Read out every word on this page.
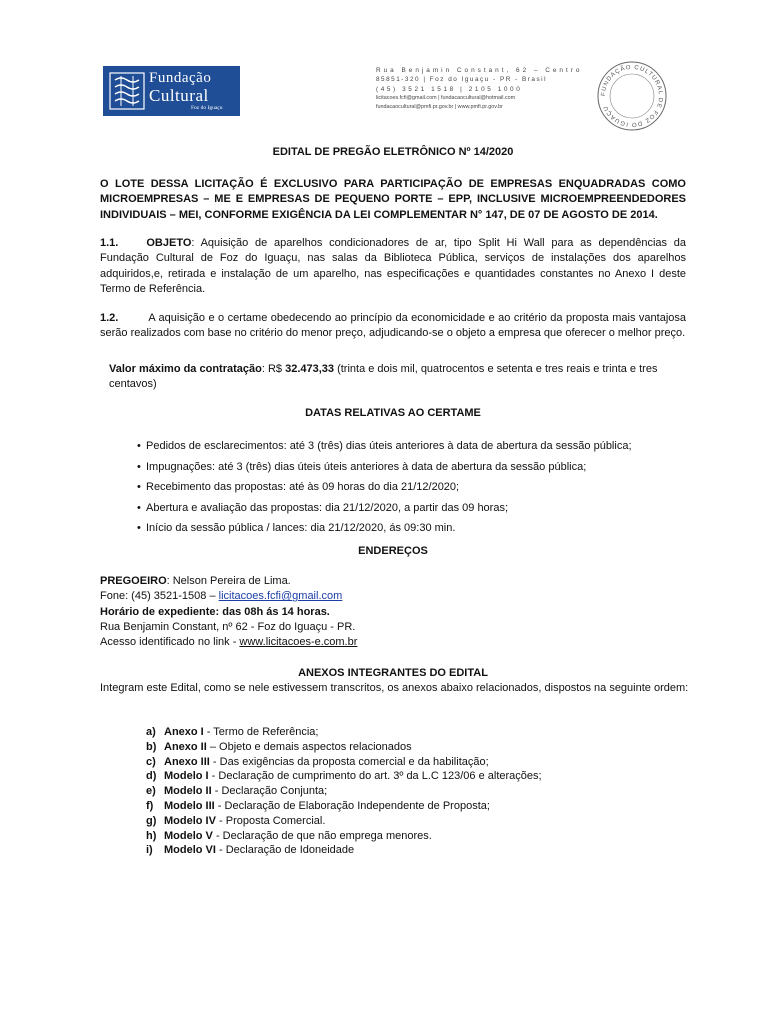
Fundação
Cultural
Foz do Iguaçu
Rua Benjamin Constant, 62 – Centro
85851-320 | Foz do Iguaçu - PR - Brasil
(45) 3521 1518 | 2105 1000
licitacoes.fcfi@gmail.com | fundacaocultural@hotmail.com
fundacaocultural@pmfi.pr.gov.br | www.pmfi.pr.gov.br
FUNDAÇÃO CULTURAL DE FOZ DO IGUAÇU
EDITAL DE PREGÃO ELETRÔNICO Nº 14/2020
O LOTE DESSA LICITAÇÃO É EXCLUSIVO PARA PARTICIPAÇÃO DE EMPRESAS ENQUADRADAS COMO MICROEMPRESAS – ME E EMPRESAS DE PEQUENO PORTE – EPP, INCLUSIVE MICROEMPREENDEDORES INDIVIDUAIS – MEI, CONFORME EXIGÊNCIA DA LEI COMPLEMENTAR N° 147, DE 07 DE AGOSTO DE 2014.
1.1.	OBJETO: Aquisição de aparelhos condicionadores de ar, tipo Split Hi Wall para as dependências da Fundação Cultural de Foz do Iguaçu, nas salas da Biblioteca Pública, serviços de instalações dos aparelhos adquiridos,e, retirada e instalação de um aparelho, nas especificações e quantidades constantes no Anexo I deste Termo de Referência.
1.2.	A aquisição e o certame obedecendo ao princípio da economicidade e ao critério da proposta mais vantajosa serão realizados com base no critério do menor preço, adjudicando-se o objeto a empresa que oferecer o melhor preço.
Valor máximo da contratação: R$ 32.473,33 (trinta e dois mil, quatrocentos e setenta e tres reais e trinta e tres centavos)
DATAS RELATIVAS AO CERTAME
• Pedidos de esclarecimentos: até 3 (três) dias úteis anteriores à data de abertura da sessão pública;
• Impugnações: até 3 (três) dias úteis úteis anteriores à data de abertura da sessão pública;
• Recebimento das propostas: até às 09 horas do dia 21/12/2020;
• Abertura e avaliação das propostas: dia 21/12/2020, a partir das 09 horas;
• Início da sessão pública / lances: dia 21/12/2020, ás 09:30 min.
ENDEREÇOS
PREGOEIRO: Nelson Pereira de Lima.
Fone: (45) 3521-1508 – licitacoes.fcfi@gmail.com
Horário de expediente: das 08h ás 14 horas.
Rua Benjamin Constant, nº 62 - Foz do Iguaçu - PR.
Acesso identificado no link - www.licitacoes-e.com.br
ANEXOS INTEGRANTES DO EDITAL
Integram este Edital, como se nele estivessem transcritos, os anexos abaixo relacionados, dispostos na seguinte ordem:
a) Anexo I - Termo de Referência;
b) Anexo II – Objeto e demais aspectos relacionados
c) Anexo III - Das exigências da proposta comercial e da habilitação;
d) Modelo I - Declaração de cumprimento do art. 3º da L.C 123/06 e alterações;
e) Modelo II - Declaração Conjunta;
f) Modelo III - Declaração de Elaboração Independente de Proposta;
g) Modelo IV - Proposta Comercial.
h) Modelo V - Declaração de que não emprega menores.
i) Modelo VI - Declaração de Idoneidade
